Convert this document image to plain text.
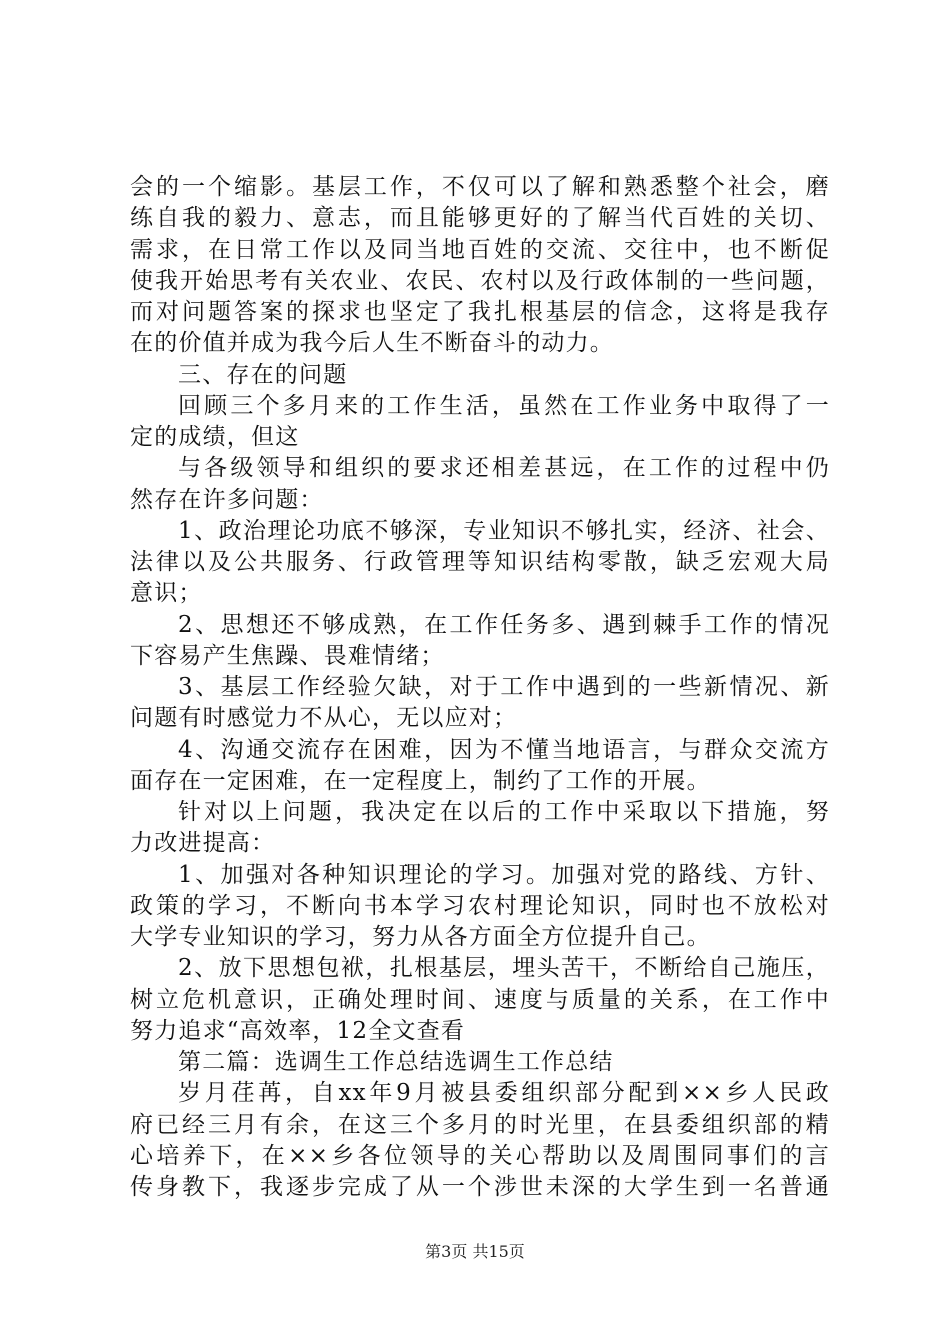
会的一个缩影。基层工作，不仅可以了解和熟悉整个社会，磨
练自我的毅力、意志，而且能够更好的了解当代百姓的关切、
需求，在日常工作以及同当地百姓的交流、交往中，也不断促
使我开始思考有关农业、农民、农村以及行政体制的一些问题，
而对问题答案的探求也坚定了我扎根基层的信念，这将是我存
在的价值并成为我今后人生不断奋斗的动力。
三、存在的问题
回顾三个多月来的工作生活，虽然在工作业务中取得了一
定的成绩，但这
与各级领导和组织的要求还相差甚远，在工作的过程中仍
然存在许多问题：
1、政治理论功底不够深，专业知识不够扎实，经济、社会、
法律以及公共服务、行政管理等知识结构零散，缺乏宏观大局
意识；
2、思想还不够成熟，在工作任务多、遇到棘手工作的情况
下容易产生焦躁、畏难情绪；
3、基层工作经验欠缺，对于工作中遇到的一些新情况、新
问题有时感觉力不从心，无以应对；
4、沟通交流存在困难，因为不懂当地语言，与群众交流方
面存在一定困难，在一定程度上，制约了工作的开展。
针对以上问题，我决定在以后的工作中采取以下措施，努
力改进提高：
1、加强对各种知识理论的学习。加强对党的路线、方针、
政策的学习，不断向书本学习农村理论知识，同时也不放松对
大学专业知识的学习，努力从各方面全方位提升自己。
2、放下思想包袱，扎根基层，埋头苦干，不断给自己施压，
树立危机意识，正确处理时间、速度与质量的关系，在工作中
努力追求“高效率，12全文查看
第二篇：选调生工作总结选调生工作总结
岁月荏苒，自xx年9月被县委组织部分配到××乡人民政
府已经三月有余，在这三个多月的时光里，在县委组织部的精
心培养下，在××乡各位领导的关心帮助以及周围同事们的言
传身教下，我逐步完成了从一个涉世未深的大学生到一名普通
第3页 共15页
